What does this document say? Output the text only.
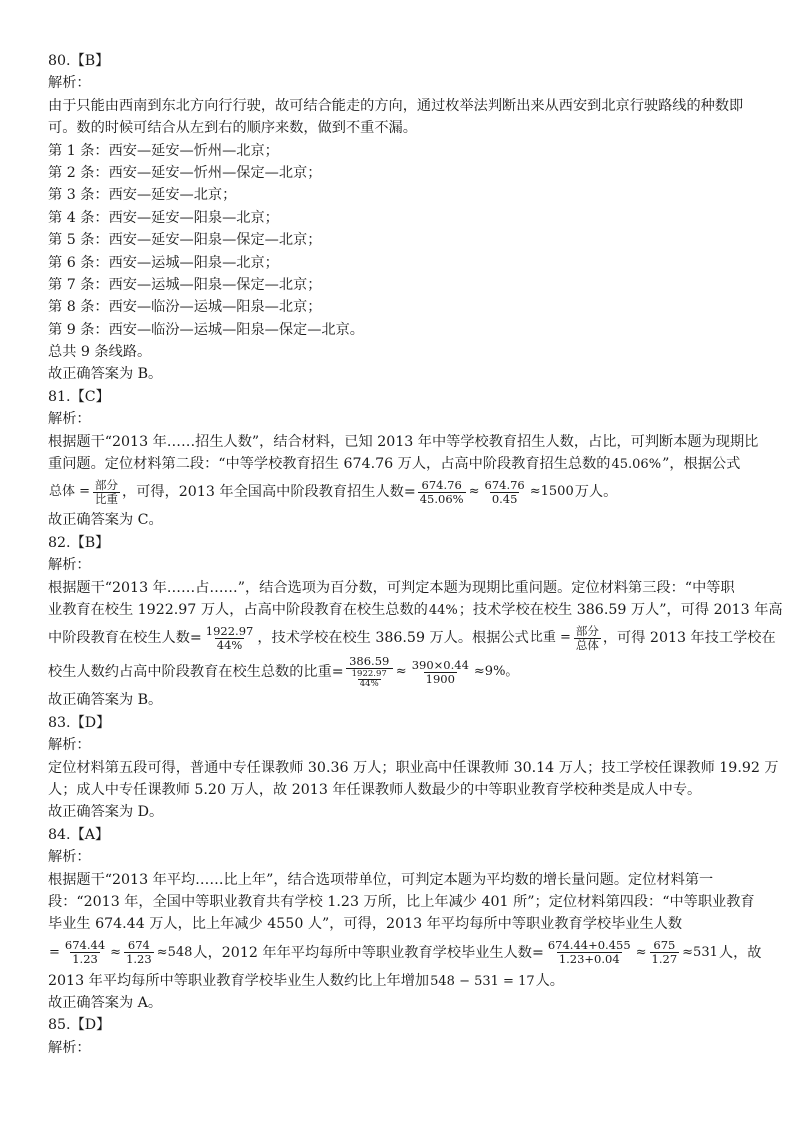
80.【B】
解析：
由于只能由西南到东北方向行行驶，故可结合能走的方向，通过枚举法判断出来从西安到北京行驶路线的种数即
可。数的时候可结合从左到右的顺序来数，做到不重不漏。
第 1 条：西安—延安—忻州—北京；
第 2 条：西安—延安—忻州—保定—北京；
第 3 条：西安—延安—北京；
第 4 条：西安—延安—阳泉—北京；
第 5 条：西安—延安—阳泉—保定—北京；
第 6 条：西安—运城—阳泉—北京；
第 7 条：西安—运城—阳泉—保定—北京；
第 8 条：西安—临汾—运城—阳泉—北京；
第 9 条：西安—临汾—运城—阳泉—保定—北京。
总共 9 条线路。
故正确答案为 B。
81.【C】
解析：
根据题干“2013 年……招生人数”，结合材料，已知 2013 年中等学校教育招生人数，占比，可判断本题为现期比
重问题。定位材料第二段：“中等学校教育招生 674.76 万人，占高中阶段教育招生总数的45.06%”，根据公式
总体 = $\frac{\text{部分}}{\text{比重}}$ ，可得，2013 年全国高中阶段教育招生人数= $\frac{674.76}{45.06\%} \approx \frac{674.76}{0.45} \approx 1500$ 万人。
故正确答案为 C。
82.【B】
解析：
根据题干“2013 年……占……”，结合选项为百分数，可判定本题为现期比重问题。定位材料第三段：“中等职
业教育在校生 1922.97 万人，占高中阶段教育在校生总数的44%；技术学校在校生 386.59 万人”，可得 2013 年高
中阶段教育在校生人数= $\frac{1922.97}{44\%}$ ，技术学校在校生 386.59 万人。根据公式 比重 = $\frac{\text{部分}}{\text{总体}}$ ，可得 2013 年技工学校在
校生人数约占高中阶段教育在校生总数的比重= $\frac{386.59}{\frac{1922.97}{44\%}} \approx \frac{390\times 0.44}{1900} \approx 9\%$。
故正确答案为 B。
83.【D】
解析：
定位材料第五段可得，普通中专任课教师 30.36 万人；职业高中任课教师 30.14 万人；技工学校任课教师 19.92 万
人；成人中专任课教师 5.20 万人，故 2013 年任课教师人数最少的中等职业教育学校种类是成人中专。
故正确答案为 D。
84.【A】
解析：
根据题干“2013 年平均……比上年”，结合选项带单位，可判定本题为平均数的增长量问题。定位材料第一
段：“2013 年，全国中等职业教育共有学校 1.23 万所，比上年减少 401 所”；定位材料第四段：“中等职业教育
毕业生 674.44 万人，比上年减少 4550 人”，可得，2013 年平均每所中等职业教育学校毕业生人数
= $\frac{674.44}{1.23} \approx \frac{674}{1.23} \approx 548$ 人，2012 年年平均每所中等职业教育学校毕业生人数= $\frac{674.44+0.455}{1.23+0.04} \approx \frac{675}{1.27} \approx 531$ 人，故
2013 年平均每所中等职业教育学校毕业生人数约比上年增加548 − 531 = 17人。
故正确答案为 A。
85.【D】
解析：
